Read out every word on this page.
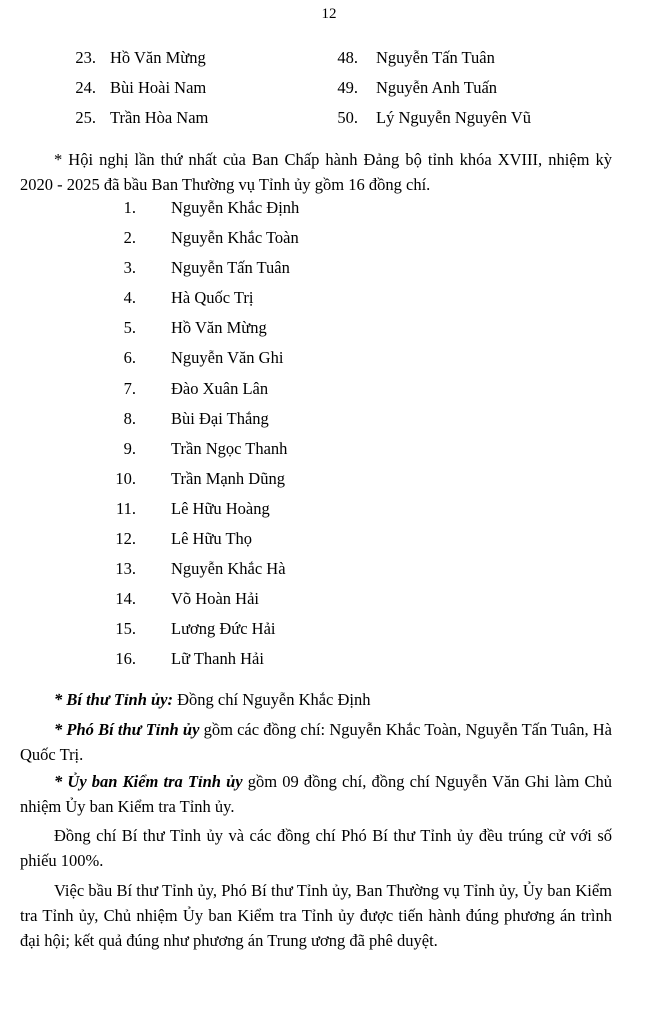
12
23. Hồ Văn Mừng	48. Nguyễn Tấn Tuân
24. Bùi Hoài Nam	49. Nguyễn Anh Tuấn
25. Trần Hòa Nam	50. Lý Nguyễn Nguyên Vũ

* Hội nghị lần thứ nhất của Ban Chấp hành Đảng bộ tỉnh khóa XVIII, nhiệm kỳ 2020 - 2025 đã bầu Ban Thường vụ Tỉnh ủy gồm 16 đồng chí.

1. Nguyễn Khắc Định
2. Nguyễn Khắc Toàn
3. Nguyễn Tấn Tuân
4. Hà Quốc Trị
5. Hồ Văn Mừng
6. Nguyễn Văn Ghi
7. Đào Xuân Lân
8. Bùi Đại Thắng
9. Trần Ngọc Thanh
10. Trần Mạnh Dũng
11. Lê Hữu Hoàng
12. Lê Hữu Thọ
13. Nguyễn Khắc Hà
14. Võ Hoàn Hải
15. Lương Đức Hải
16. Lữ Thanh Hải

* Bí thư Tỉnh ủy: Đồng chí Nguyễn Khắc Định

* Phó Bí thư Tỉnh ủy gồm các đồng chí: Nguyễn Khắc Toàn, Nguyễn Tấn Tuân, Hà Quốc Trị.

* Ủy ban Kiểm tra Tỉnh ủy gồm 09 đồng chí, đồng chí Nguyễn Văn Ghi làm Chủ nhiệm Ủy ban Kiểm tra Tỉnh ủy.

Đồng chí Bí thư Tỉnh ủy và các đồng chí Phó Bí thư Tỉnh ủy đều trúng cử với số phiếu 100%.

Việc bầu Bí thư Tỉnh ủy, Phó Bí thư Tỉnh ủy, Ban Thường vụ Tỉnh ủy, Ủy ban Kiểm tra Tỉnh ủy, Chủ nhiệm Ủy ban Kiểm tra Tỉnh ủy được tiến hành đúng phương án trình đại hội; kết quả đúng như phương án Trung ương đã phê duyệt.
